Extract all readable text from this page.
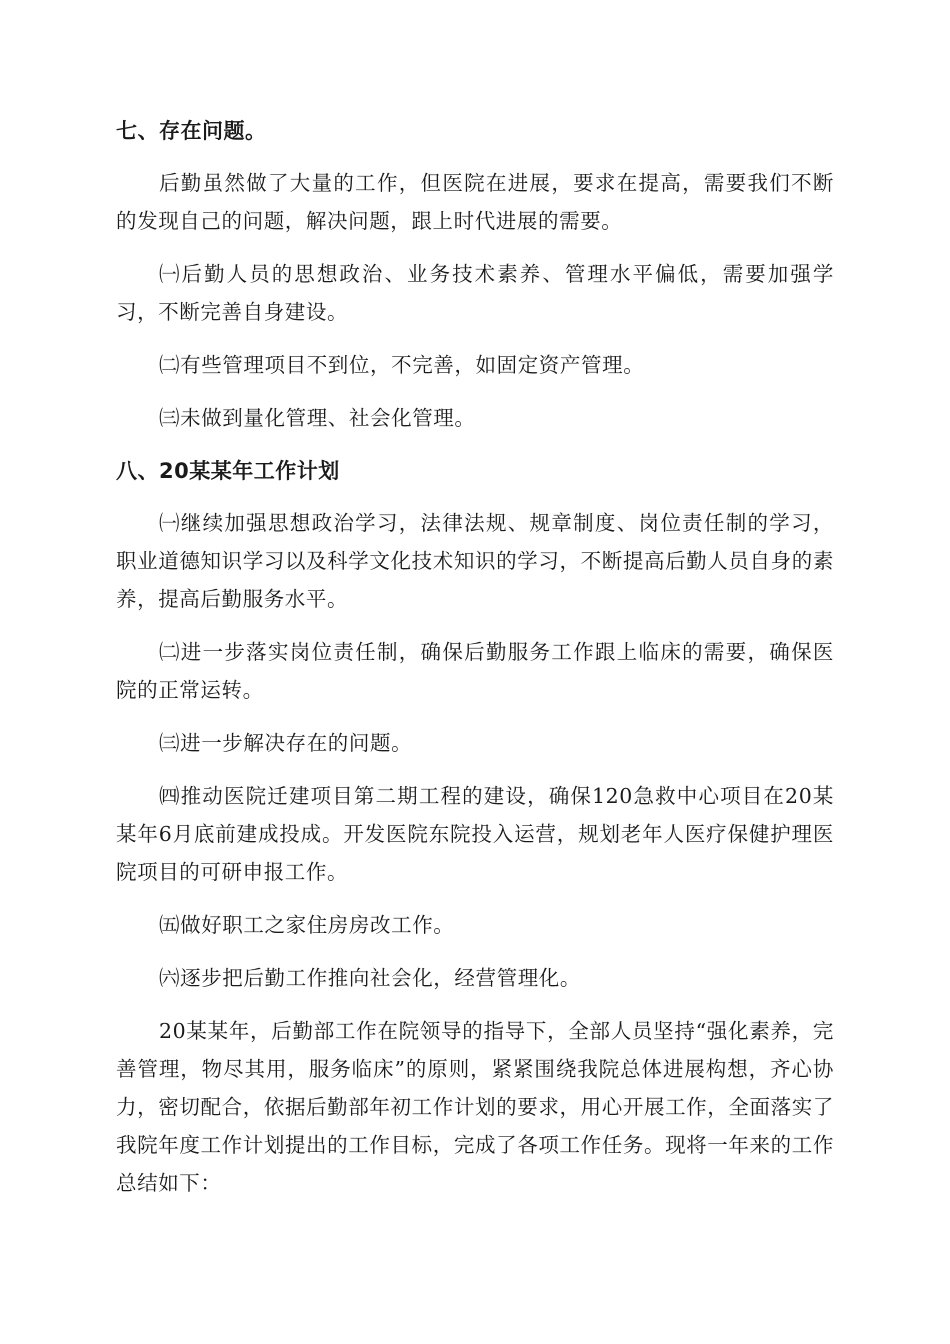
七、存在问题。

后勤虽然做了大量的工作，但医院在进展，要求在提高，需要我们不断的发现自己的问题，解决问题，跟上时代进展的需要。

㈠后勤人员的思想政治、业务技术素养、管理水平偏低，需要加强学习，不断完善自身建设。

㈡有些管理项目不到位，不完善，如固定资产管理。

㈢未做到量化管理、社会化管理。

八、20某某年工作计划

㈠继续加强思想政治学习，法律法规、规章制度、岗位责任制的学习，职业道德知识学习以及科学文化技术知识的学习，不断提高后勤人员自身的素养，提高后勤服务水平。

㈡进一步落实岗位责任制，确保后勤服务工作跟上临床的需要，确保医院的正常运转。

㈢进一步解决存在的问题。

㈣推动医院迁建项目第二期工程的建设，确保120急救中心项目在20某某年6月底前建成投成。开发医院东院投入运营，规划老年人医疗保健护理医院项目的可研申报工作。

㈤做好职工之家住房房改工作。

㈥逐步把后勤工作推向社会化，经营管理化。

20某某年，后勤部工作在院领导的指导下，全部人员坚持“强化素养，完善管理，物尽其用，服务临床”的原则，紧紧围绕我院总体进展构想，齐心协力，密切配合，依据后勤部年初工作计划的要求，用心开展工作，全面落实了我院年度工作计划提出的工作目标，完成了各项工作任务。现将一年来的工作总结如下：
